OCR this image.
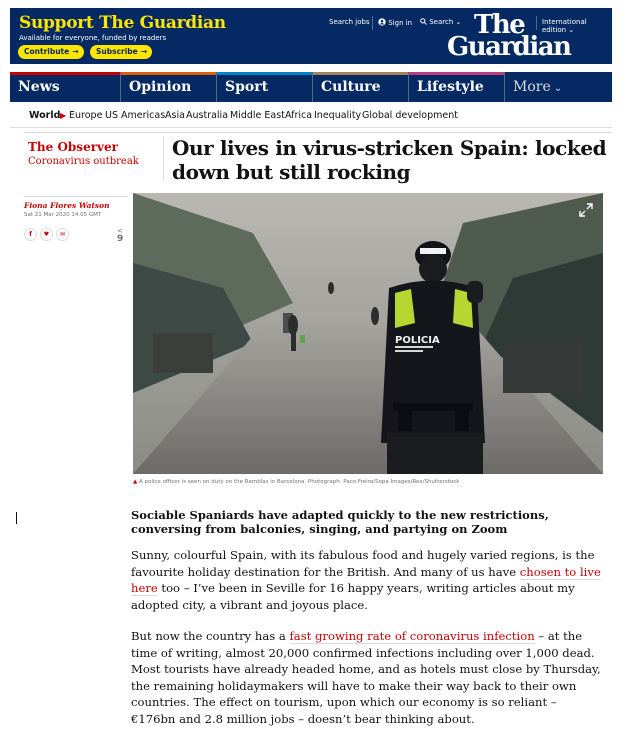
Support The Guardian
Available for everyone, funded by readers
Contribute →	Subscribe →
Search jobs	Sign in	Search ⌄	International edition ⌄
The
Guardian
News	Opinion	Sport	Culture	Lifestyle	More ⌄
World ▶ Europe US Americas Asia Australia Middle East Africa Inequality Global development
The Observer
Coronavirus outbreak
Our lives in virus-stricken Spain: locked down but still rocking
Fiona Flores Watson
Sat 21 Mar 2020 14.05 GMT
f	♥	✉	<
9
POLICIA
▲ A police officer is seen on duty on the Ramblas in Barcelona. Photograph: Paco Freire/Sopa Images/Rex/Shutterstock

Sociable Spaniards have adapted quickly to the new restrictions, conversing from balconies, singing, and partying on Zoom

Sunny, colourful Spain, with its fabulous food and hugely varied regions, is the favourite holiday destination for the British. And many of us have chosen to live here too – I’ve been in Seville for 16 happy years, writing articles about my adopted city, a vibrant and joyous place.

But now the country has a fast growing rate of coronavirus infection – at the time of writing, almost 20,000 confirmed infections including over 1,000 dead. Most tourists have already headed home, and as hotels must close by Thursday, the remaining holidaymakers will have to make their way back to their own countries. The effect on tourism, upon which our economy is so reliant – €176bn and 2.8 million jobs – doesn’t bear thinking about.
